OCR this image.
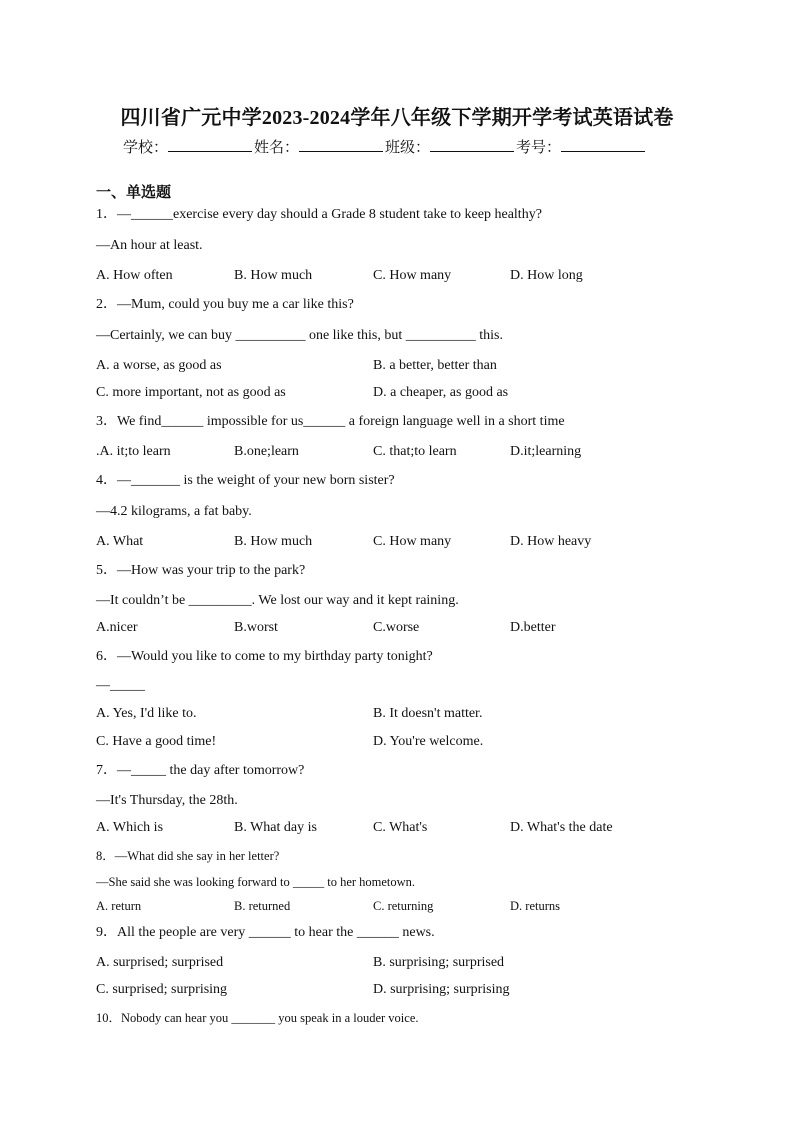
四川省广元中学2023-2024学年八年级下学期开学考试英语试卷
学校：	姓名：	班级：	考号：
一、单选题
1．—______exercise every day should a Grade 8 student take to keep healthy?
—An hour at least.
A. How often	B. How much	C. How many	D. How long
2．—Mum, could you buy me a car like this?
—Certainly, we can buy __________ one like this, but __________ this.
A. a worse, as good as	B. a better, better than
C. more important, not as good as	D. a cheaper, as good as
3．We find______ impossible for us______ a foreign language well in a short time
.A. it;to learn	B.one;learn	C. that;to learn	D.it;learning
4．—_______ is the weight of your new born sister?
—4.2 kilograms, a fat baby.
A. What	B. How much	C. How many	D. How heavy
5．—How was your trip to the park?
—It couldn’t be _________. We lost our way and it kept raining.
A.nicer	B.worst	C.worse	D.better
6．—Would you like to come to my birthday party tonight?
—_____
A. Yes, I'd like to.	B. It doesn't matter.
C. Have a good time!	D. You're welcome.
7．—_____ the day after tomorrow?
—It's Thursday, the 28th.
A. Which is	B. What day is	C. What's	D. What's the date
8．—What did she say in her letter?
—She said she was looking forward to _____ to her hometown.
A. return	B. returned	C. returning	D. returns
9．All the people are very ______ to hear the ______ news.
A. surprised; surprised	B. surprising; surprised
C. surprised; surprising	D. surprising; surprising
10．Nobody can hear you _______ you speak in a louder voice.
